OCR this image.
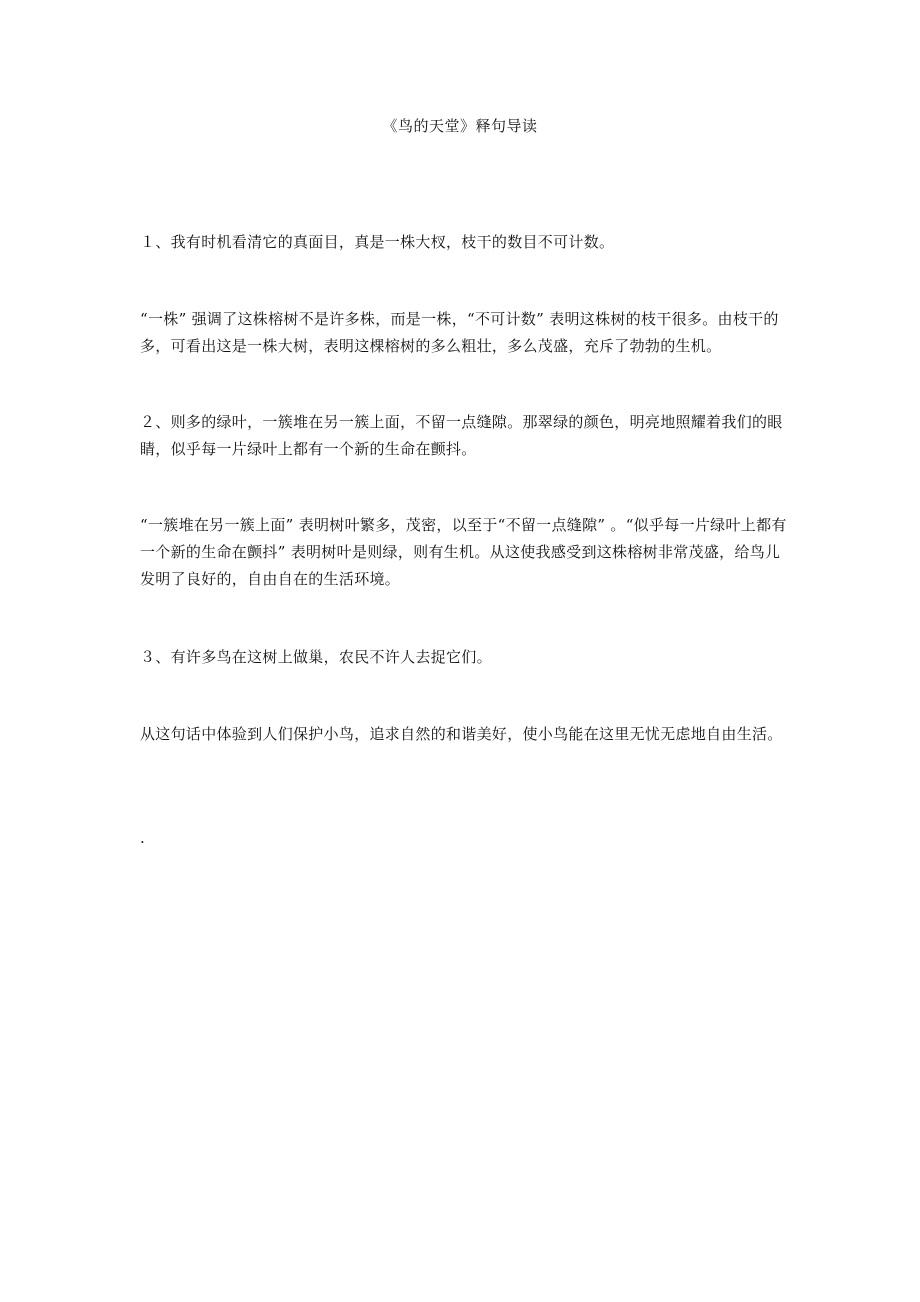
《鸟的天堂》释句导读

１、我有时机看清它的真面目，真是一株大杈，枝干的数目不可计数。

“一株” 强调了这株榕树不是许多株，而是一株，“不可计数” 表明这株树的枝干很多。由枝干的多，可看出这是一株大树，表明这棵榕树的多么粗壮，多么茂盛，充斥了勃勃的生机。

２、则多的绿叶，一簇堆在另一簇上面，不留一点缝隙。那翠绿的颜色，明亮地照耀着我们的眼睛，似乎每一片绿叶上都有一个新的生命在颤抖。

“一簇堆在另一簇上面” 表明树叶繁多，茂密，以至于“不留一点缝隙” 。“似乎每一片绿叶上都有一个新的生命在颤抖” 表明树叶是则绿，则有生机。从这使我感受到这株榕树非常茂盛，给鸟儿发明了良好的，自由自在的生活环境。

３、有许多鸟在这树上做巢，农民不许人去捉它们。

从这句话中体验到人们保护小鸟，追求自然的和谐美好，使小鸟能在这里无忧无虑地自由生活。

.
